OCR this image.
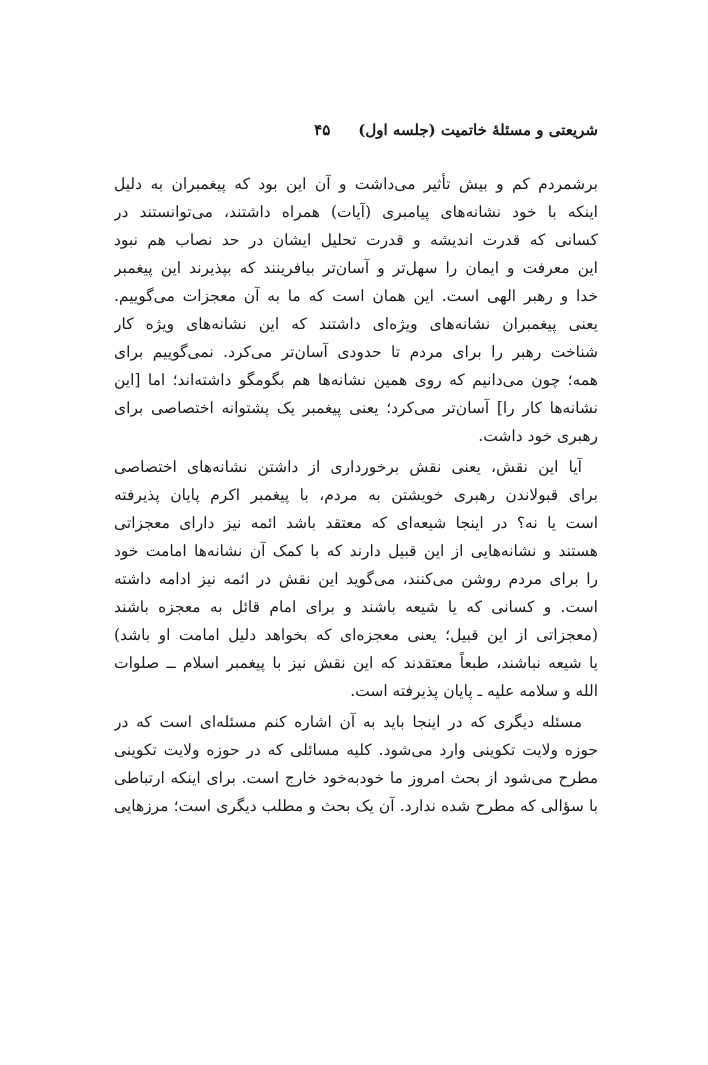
شریعتی و مسئلهٔ خاتمیت (جلسه اول)
۴۵
برشمردم کم و بیش تأثیر می‌داشت و آن این بود که پیغمبران به دلیل
اینکه با خود نشانه‌های پیامبری (آیات) همراه داشتند، می‌توانستند در
کسانی که قدرت اندیشه و قدرت تحلیل ایشان در حد نصاب هم نبود
این معرفت و ایمان را سهل‌تر و آسان‌تر بیافرینند که بپذیرند این پیغمبر
خدا و رهبر الهی است. این همان است که ما به آن معجزات می‌گوییم.
یعنی پیغمبران نشانه‌های ویژه‌ای داشتند که این نشانه‌های ویژه کار
شناخت رهبر را برای مردم تا حدودی آسان‌تر می‌کرد. نمی‌گوییم برای
همه؛ چون می‌دانیم که روی همین نشانه‌ها هم بگومگو داشته‌اند؛ اما [این
نشانه‌ها کار را] آسان‌تر می‌کرد؛ یعنی پیغمبر یک پشتوانه اختصاصی برای
رهبری خود داشت.
آیا این نقش، یعنی نقش برخورداری از داشتن نشانه‌های اختصاصی
برای قبولاندن رهبری خویشتن به مردم، با پیغمبر اکرم پایان پذیرفته
است یا نه؟ در اینجا شیعه‌ای که معتقد باشد ائمه نیز دارای معجزاتی
هستند و نشانه‌هایی از این قبیل دارند که با کمک آن نشانه‌ها امامت خود
را برای مردم روشن می‌کنند، می‌گوید این نقش در ائمه نیز ادامه داشته
است. و کسانی که یا شیعه باشند و برای امام قائل به معجزه باشند
(معجزاتی از این قبیل؛ یعنی معجزه‌ای که بخواهد دلیل امامت او باشد)
یا شیعه نباشند، طبعاً معتقدند که این نقش نیز با پیغمبر اسلام ــ صلوات
الله و سلامه علیه ـ پایان پذیرفته است.
مسئله دیگری که در اینجا باید به آن اشاره کنم مسئله‌ای است که در
حوزه ولایت تکوینی وارد می‌شود. کلیه مسائلی که در حوزه ولایت تکوینی
مطرح می‌شود از بحث امروز ما خودبه‌خود خارج است. برای اینکه ارتباطی
با سؤالی که مطرح شده ندارد. آن یک بحث و مطلب دیگری است؛ مرزهایی
